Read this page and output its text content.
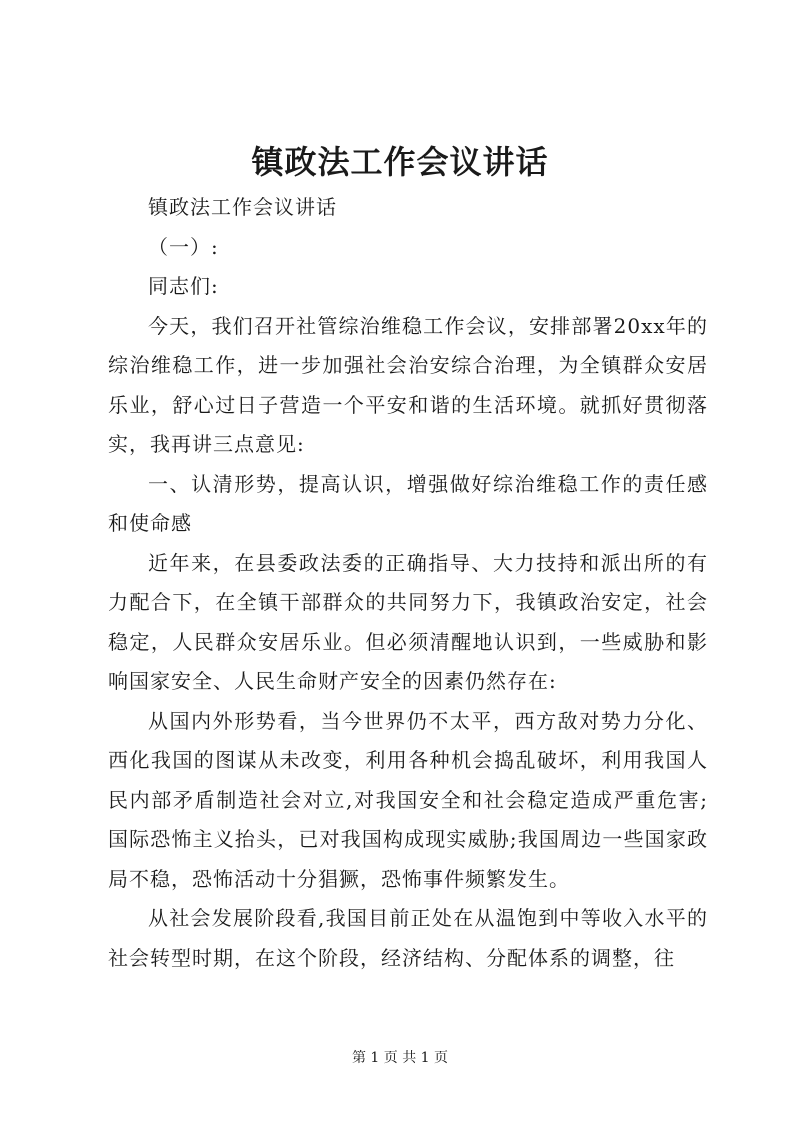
镇政法工作会议讲话

镇政法工作会议讲话

（一）:

同志们:

今天，我们召开社管综治维稳工作会议，安排部署20xx年的综治维稳工作，进一步加强社会治安综合治理，为全镇群众安居乐业，舒心过日子营造一个平安和谐的生活环境。就抓好贯彻落实，我再讲三点意见:

一、认清形势，提高认识，增强做好综治维稳工作的责任感和使命感

近年来，在县委政法委的正确指导、大力技持和派出所的有力配合下，在全镇干部群众的共同努力下，我镇政治安定，社会稳定，人民群众安居乐业。但必须清醒地认识到，一些威胁和影响国家安全、人民生命财产安全的因素仍然存在:

从国内外形势看，当今世界仍不太平，西方敌对势力分化、西化我国的图谋从未改变，利用各种机会捣乱破坏，利用我国人民内部矛盾制造社会对立,对我国安全和社会稳定造成严重危害;国际恐怖主义抬头，已对我国构成现实威胁;我国周边一些国家政局不稳，恐怖活动十分猖獗，恐怖事件频繁发生。

从社会发展阶段看,我国目前正处在从温饱到中等收入水平的社会转型时期，在这个阶段，经济结构、分配体系的调整，往

第 1 页 共 1 页
